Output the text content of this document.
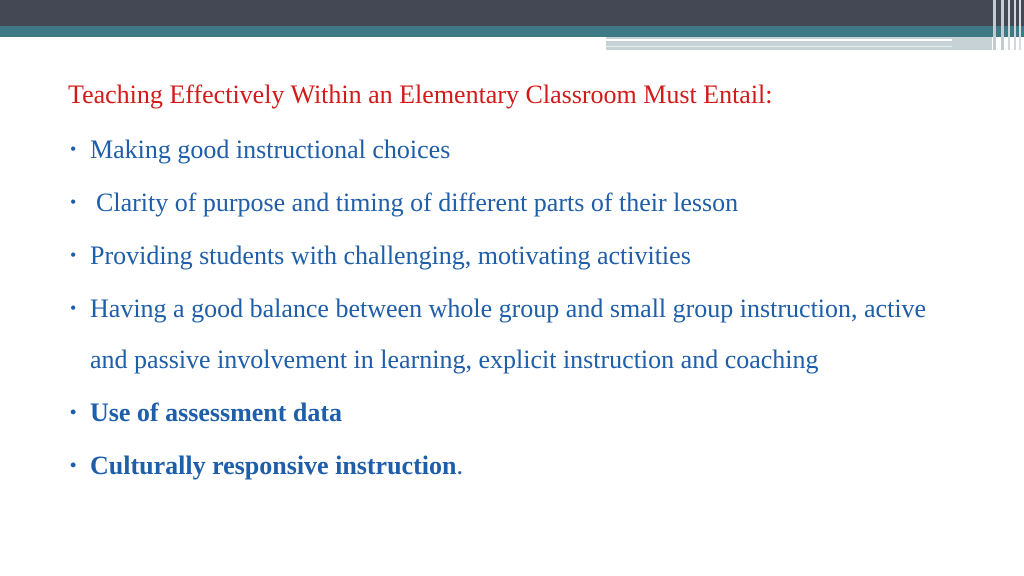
Teaching Effectively Within an Elementary Classroom Must Entail:
• Making good instructional choices
• Clarity of purpose and timing of different parts of their lesson
• Providing students with challenging, motivating activities
• Having a good balance between whole group and small group instruction, active and passive involvement in learning, explicit instruction and coaching
• Use of assessment data
• Culturally responsive instruction.
